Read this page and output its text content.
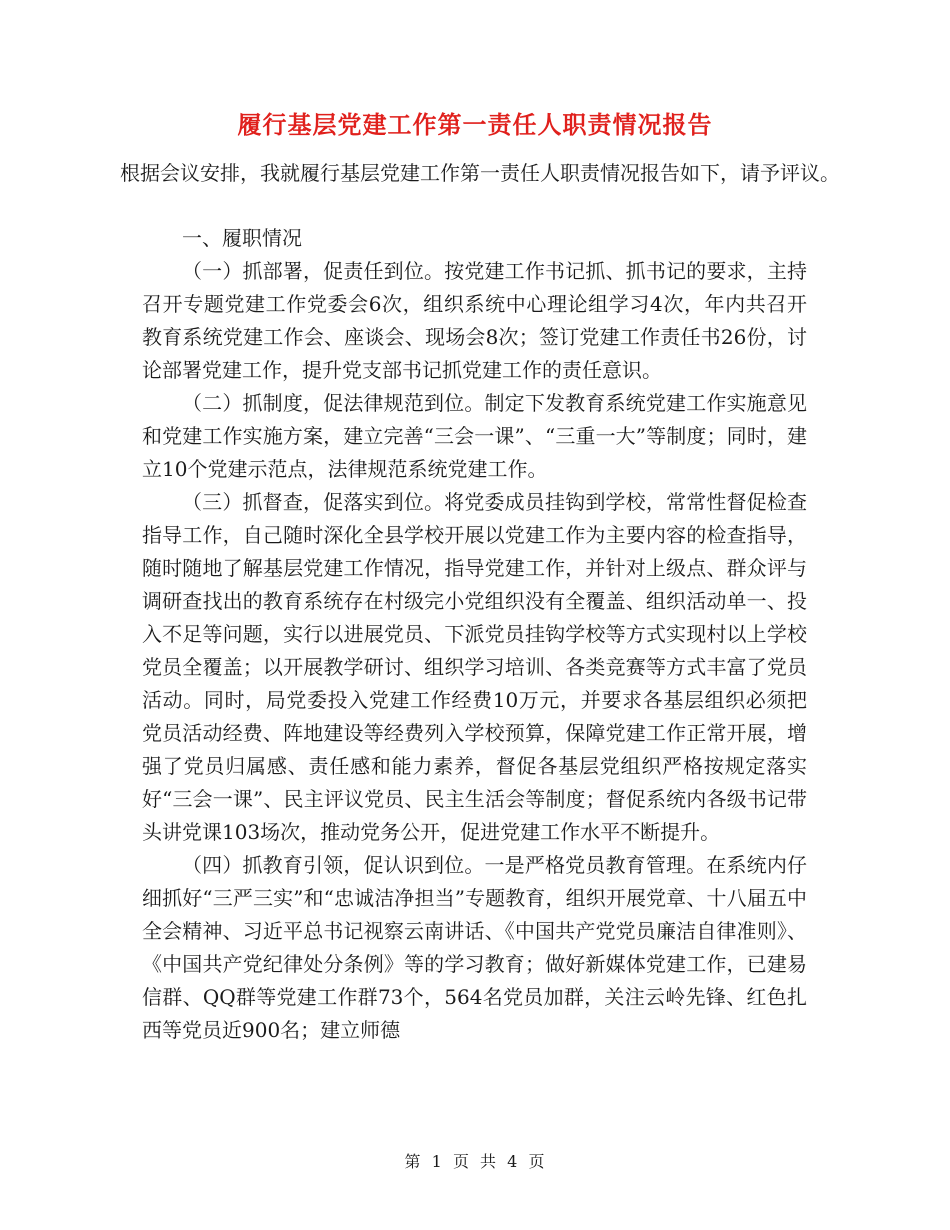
履行基层党建工作第一责任人职责情况报告

根据会议安排，我就履行基层党建工作第一责任人职责情况报告如下，请予评议。

一、履职情况

（一）抓部署，促责任到位。按党建工作书记抓、抓书记的要求，主持召开专题党建工作党委会6次，组织系统中心理论组学习4次，年内共召开教育系统党建工作会、座谈会、现场会8次；签订党建工作责任书26份，讨论部署党建工作，提升党支部书记抓党建工作的责任意识。

（二）抓制度，促法律规范到位。制定下发教育系统党建工作实施意见和党建工作实施方案，建立完善“三会一课”、“三重一大”等制度；同时，建立10个党建示范点，法律规范系统党建工作。

（三）抓督查，促落实到位。将党委成员挂钩到学校，常常性督促检查指导工作，自己随时深化全县学校开展以党建工作为主要内容的检查指导，随时随地了解基层党建工作情况，指导党建工作，并针对上级点、群众评与调研查找出的教育系统存在村级完小党组织没有全覆盖、组织活动单一、投入不足等问题，实行以进展党员、下派党员挂钩学校等方式实现村以上学校党员全覆盖；以开展教学研讨、组织学习培训、各类竞赛等方式丰富了党员活动。同时，局党委投入党建工作经费10万元，并要求各基层组织必须把党员活动经费、阵地建设等经费列入学校预算，保障党建工作正常开展，增强了党员归属感、责任感和能力素养，督促各基层党组织严格按规定落实好“三会一课”、民主评议党员、民主生活会等制度；督促系统内各级书记带头讲党课103场次，推动党务公开，促进党建工作水平不断提升。

（四）抓教育引领，促认识到位。一是严格党员教育管理。在系统内仔细抓好“三严三实”和“忠诚洁净担当”专题教育，组织开展党章、十八届五中全会精神、习近平总书记视察云南讲话、《中国共产党党员廉洁自律准则》、《中国共产党纪律处分条例》等的学习教育；做好新媒体党建工作，已建易信群、QQ群等党建工作群73个，564名党员加群，关注云岭先锋、红色扎西等党员近900名；建立师德

第 1 页 共 4 页
